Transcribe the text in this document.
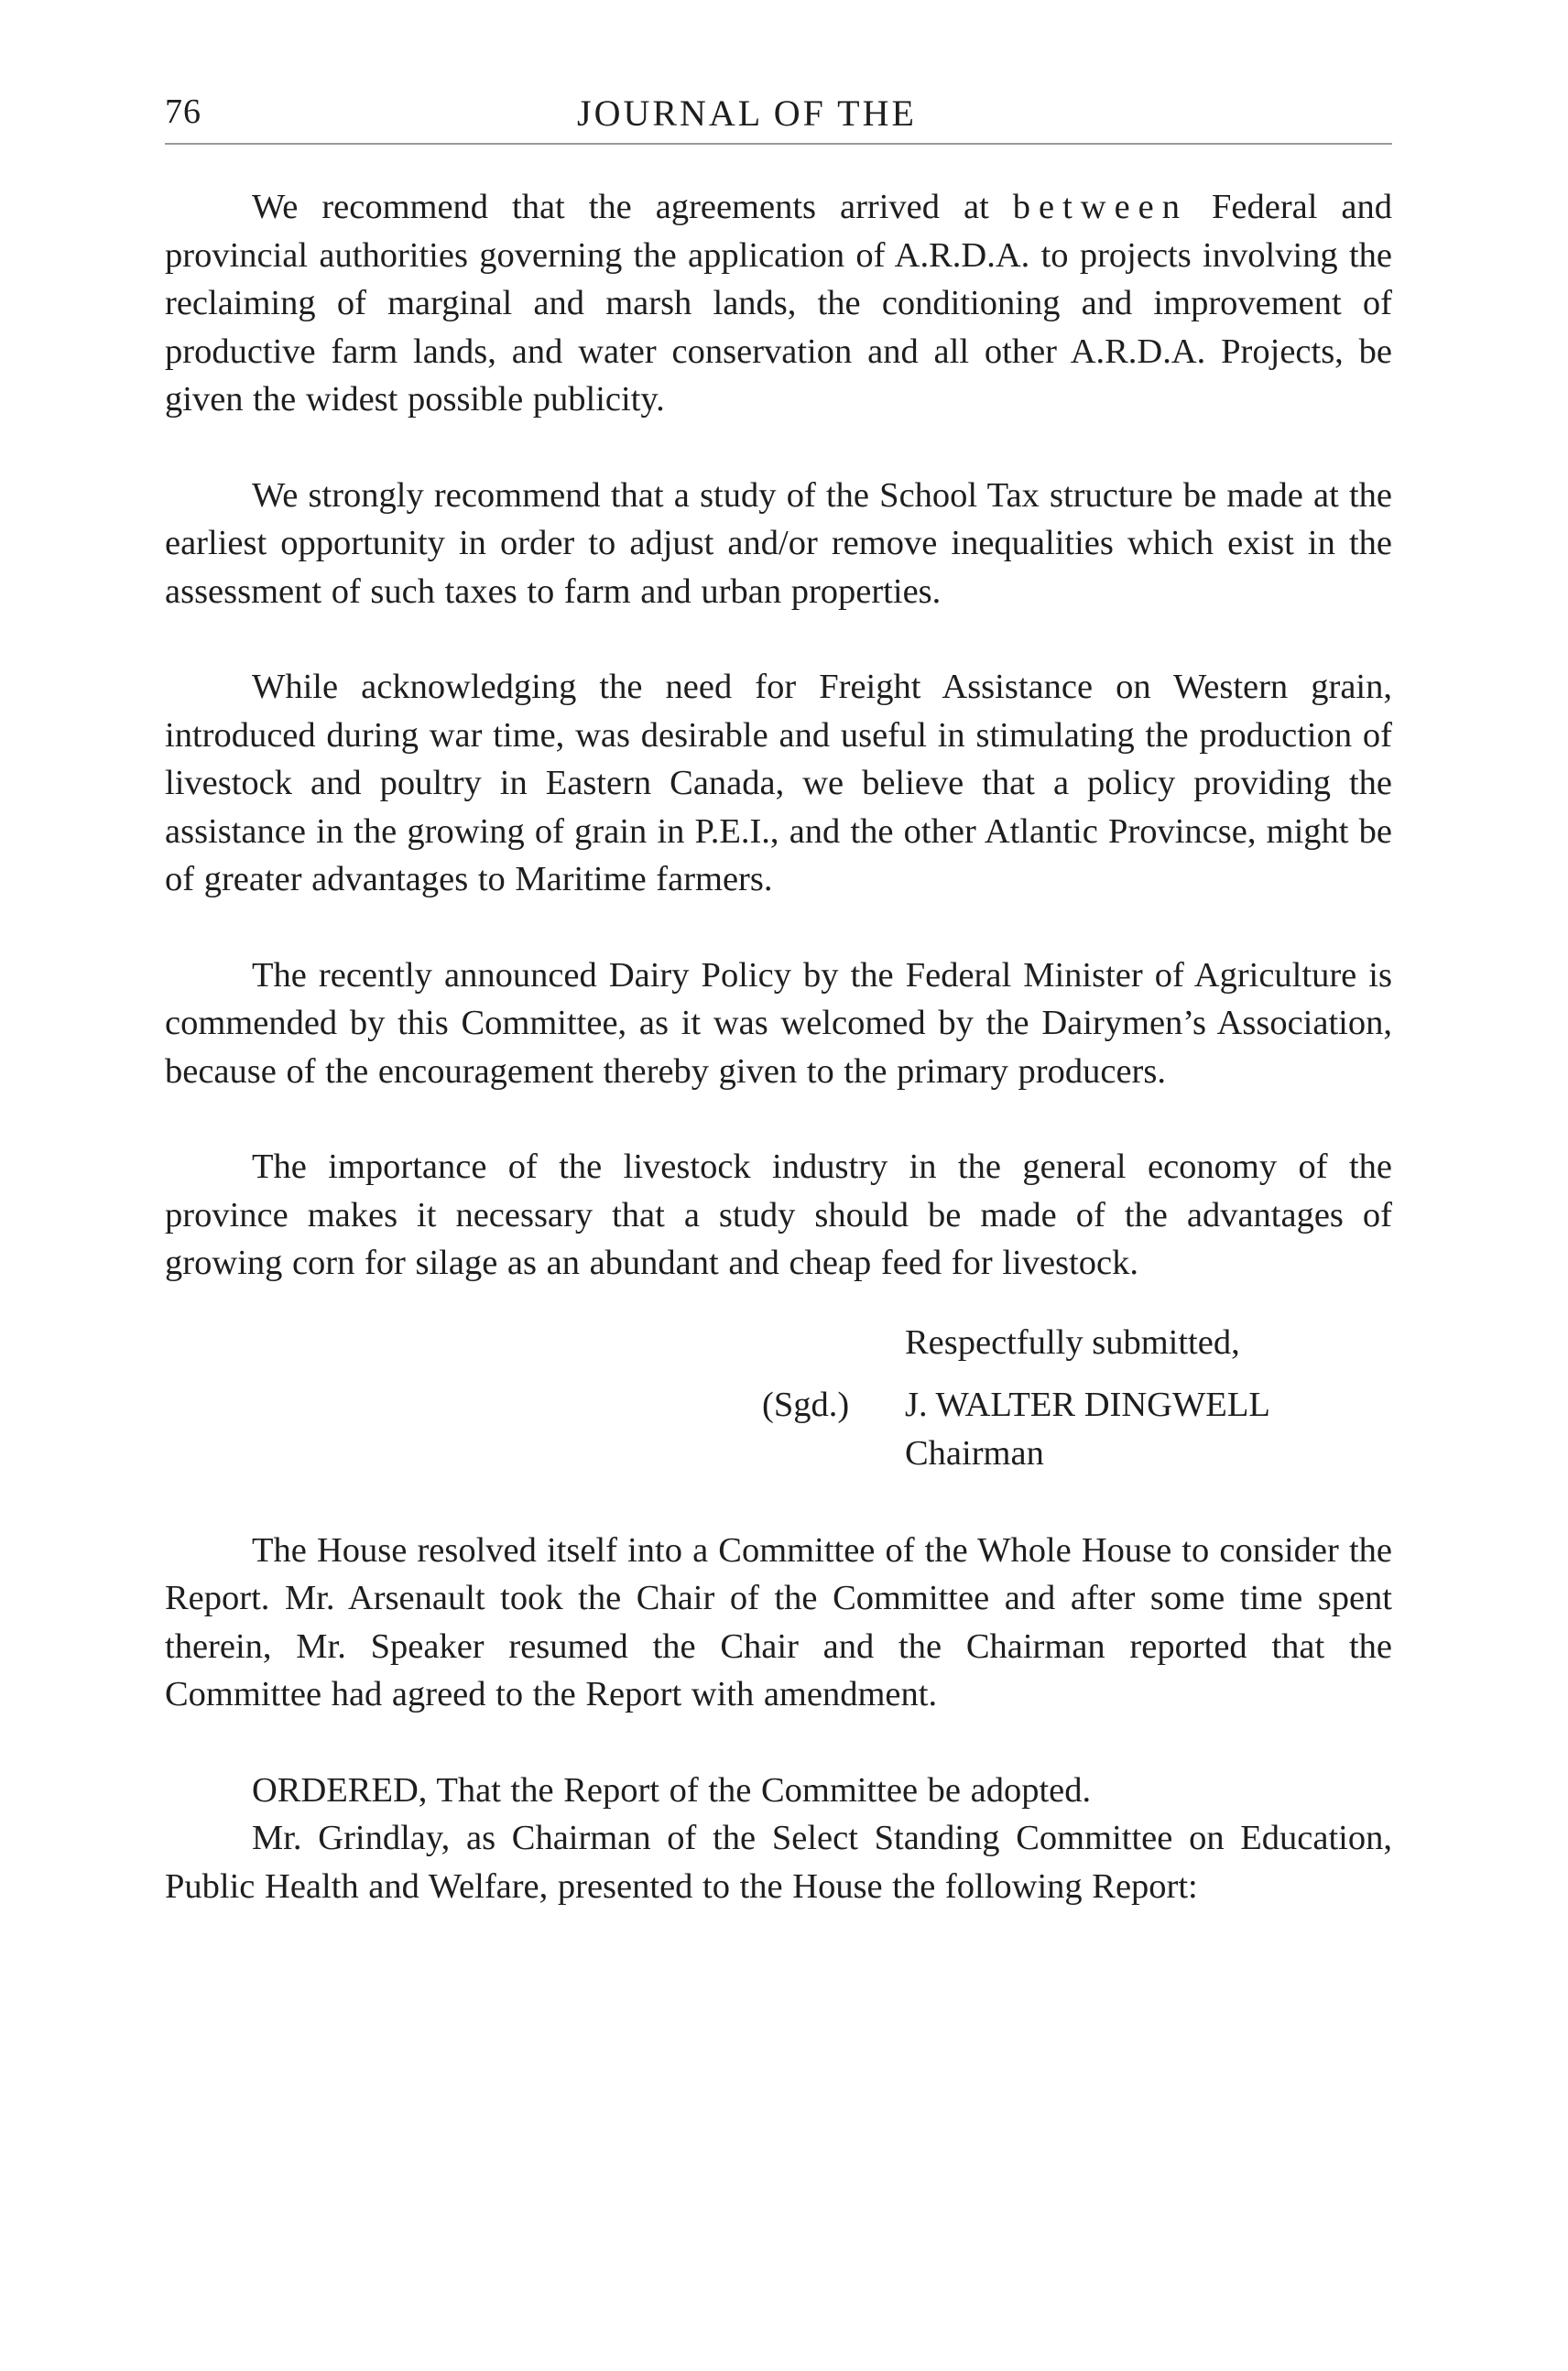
76	JOURNAL OF THE

We recommend that the agreements arrived at between Federal and provincial authorities governing the application of A.R.D.A. to projects involving the reclaiming of marginal and marsh lands, the conditioning and improvement of productive farm lands, and water conservation and all other A.R.D.A. Projects, be given the widest possible publicity.

We strongly recommend that a study of the School Tax structure be made at the earliest opportunity in order to adjust and/or remove inequalities which exist in the assessment of such taxes to farm and urban properties.

While acknowledging the need for Freight Assistance on Western grain, introduced during war time, was desirable and useful in stimulating the production of livestock and poultry in Eastern Canada, we believe that a policy providing the assistance in the growing of grain in P.E.I., and the other Atlantic Provincse, might be of greater advantages to Maritime farmers.

The recently announced Dairy Policy by the Federal Minister of Agriculture is commended by this Committee, as it was welcomed by the Dairymen’s Association, because of the encouragement thereby given to the primary producers.

The importance of the livestock industry in the general economy of the province makes it necessary that a study should be made of the advantages of growing corn for silage as an abundant and cheap feed for livestock.

Respectfully submitted,
(Sgd.) J. WALTER DINGWELL
Chairman

The House resolved itself into a Committee of the Whole House to consider the Report. Mr. Arsenault took the Chair of the Committee and after some time spent therein, Mr. Speaker resumed the Chair and the Chairman reported that the Committee had agreed to the Report with amendment.

ORDERED, That the Report of the Committee be adopted.

Mr. Grindlay, as Chairman of the Select Standing Committee on Education, Public Health and Welfare, presented to the House the following Report:
